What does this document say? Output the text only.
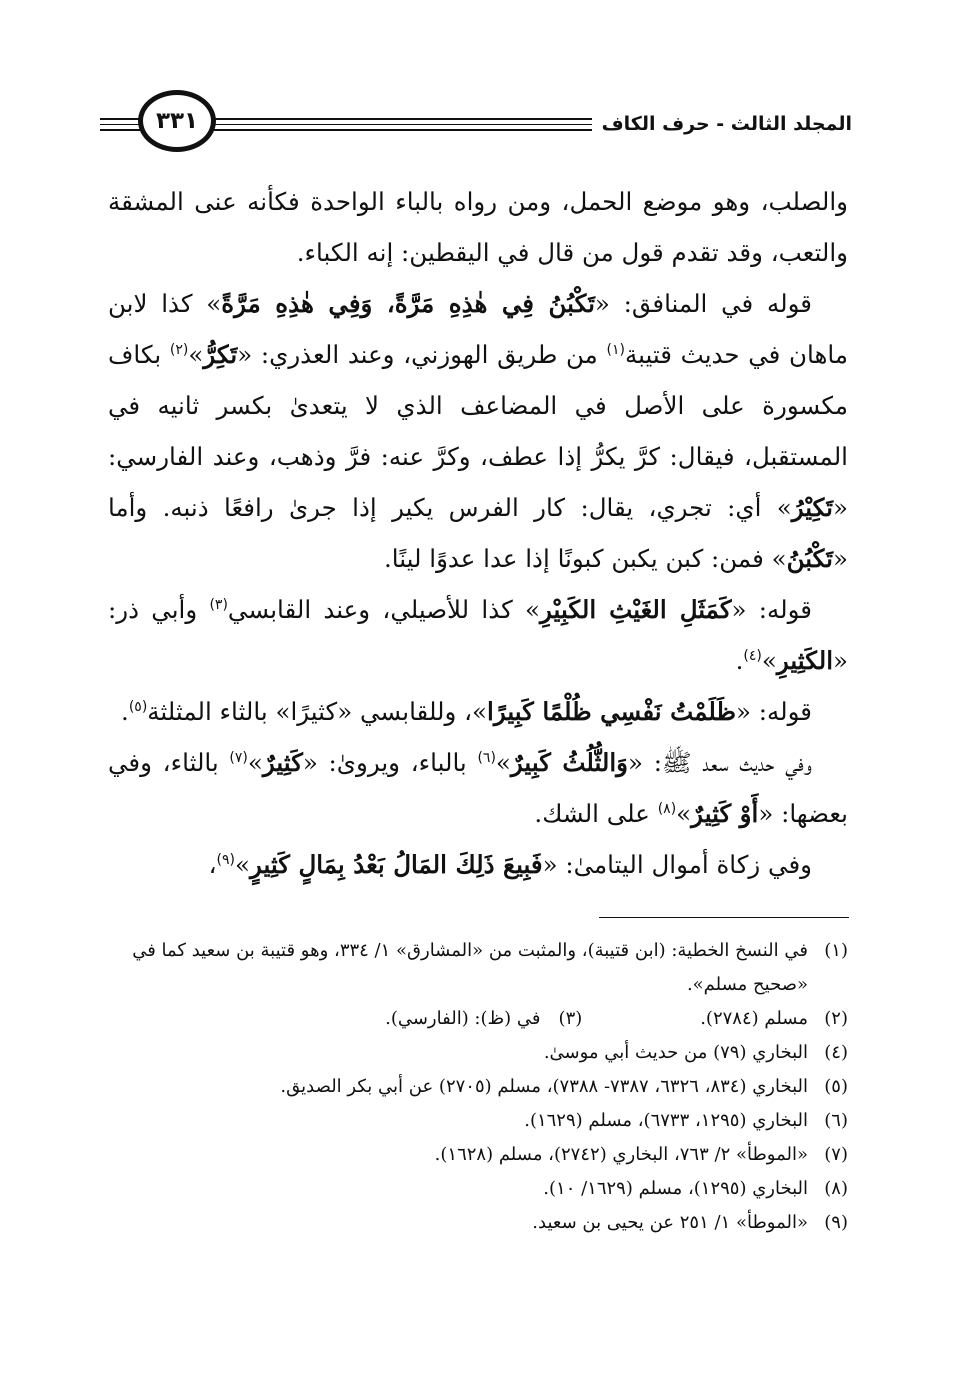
المجلد الثالث - حرف الكاف
٣٣١

والصلب، وهو موضع الحمل، ومن رواه بالباء الواحدة فكأنه عنى المشقة والتعب، وقد تقدم قول من قال في اليقطين: إنه الكباء.

قوله في المنافق: «تَكْبُنُ فِي هٰذِهِ مَرَّةً، وَفِي هٰذِهِ مَرَّةً» كذا لابن ماهان في حديث قتيبة$^{(١)}$ من طريق الهوزني، وعند العذري: «تَكِرُّ»$^{(٢)}$ بكاف مكسورة على الأصل في المضاعف الذي لا يتعدىٰ بكسر ثانيه في المستقبل، فيقال: كرَّ يكرُّ إذا عطف، وكرَّ عنه: فرَّ وذهب، وعند الفارسي: «تَكِيْرُ» أي: تجري، يقال: كار الفرس يكير إذا جرىٰ رافعًا ذنبه. وأما «تَكْبُنُ» فمن: كبن يكبن كبونًا إذا عدا عدوًا لينًا.

قوله: «كَمَثَلِ الغَيْثِ الكَبِيْرِ» كذا للأصيلي، وعند القابسي$^{(٣)}$ وأبي ذر: «الكَثِيرِ»$^{(٤)}$.

قوله: «ظَلَمْتُ نَفْسِي ظُلْمًا كَبِيرًا»، وللقابسي «كثيرًا» بالثاء المثلثة$^{(٥)}$.

وفي حديث سعد ﷺ: «وَالثُّلُثُ كَبِيرٌ»$^{(٦)}$ بالباء، ويروىٰ: «كَثِيرٌ»$^{(٧)}$ بالثاء، وفي بعضها: «أَوْ كَثِيرٌ»$^{(٨)}$ على الشك.

وفي زكاة أموال اليتامىٰ: «فَبِيعَ ذَلِكَ المَالُ بَعْدُ بِمَالٍ كَثِيرٍ»$^{(٩)}$،

(١)
في النسخ الخطية: (ابن قتيبة)، والمثبت من «المشارق» ١/ ٣٣٤، وهو قتيبة بن سعيد كما في «صحيح مسلم».
(٢)
مسلم (٢٧٨٤). (٣) في (ظ): (الفارسي).
(٤)
البخاري (٧٩) من حديث أبي موسىٰ.
(٥)
البخاري (٨٣٤، ٦٣٢٦، ٧٣٨٧- ٧٣٨٨)، مسلم (٢٧٠٥) عن أبي بكر الصديق.
(٦)
البخاري (١٢٩٥، ٦٧٣٣)، مسلم (١٦٢٩).
(٧)
«الموطأ» ٢/ ٧٦٣، البخاري (٢٧٤٢)، مسلم (١٦٢٨).
(٨)
البخاري (١٢٩٥)، مسلم (١٦٢٩/ ١٠).
(٩)
«الموطأ» ١/ ٢٥١ عن يحيى بن سعيد.
